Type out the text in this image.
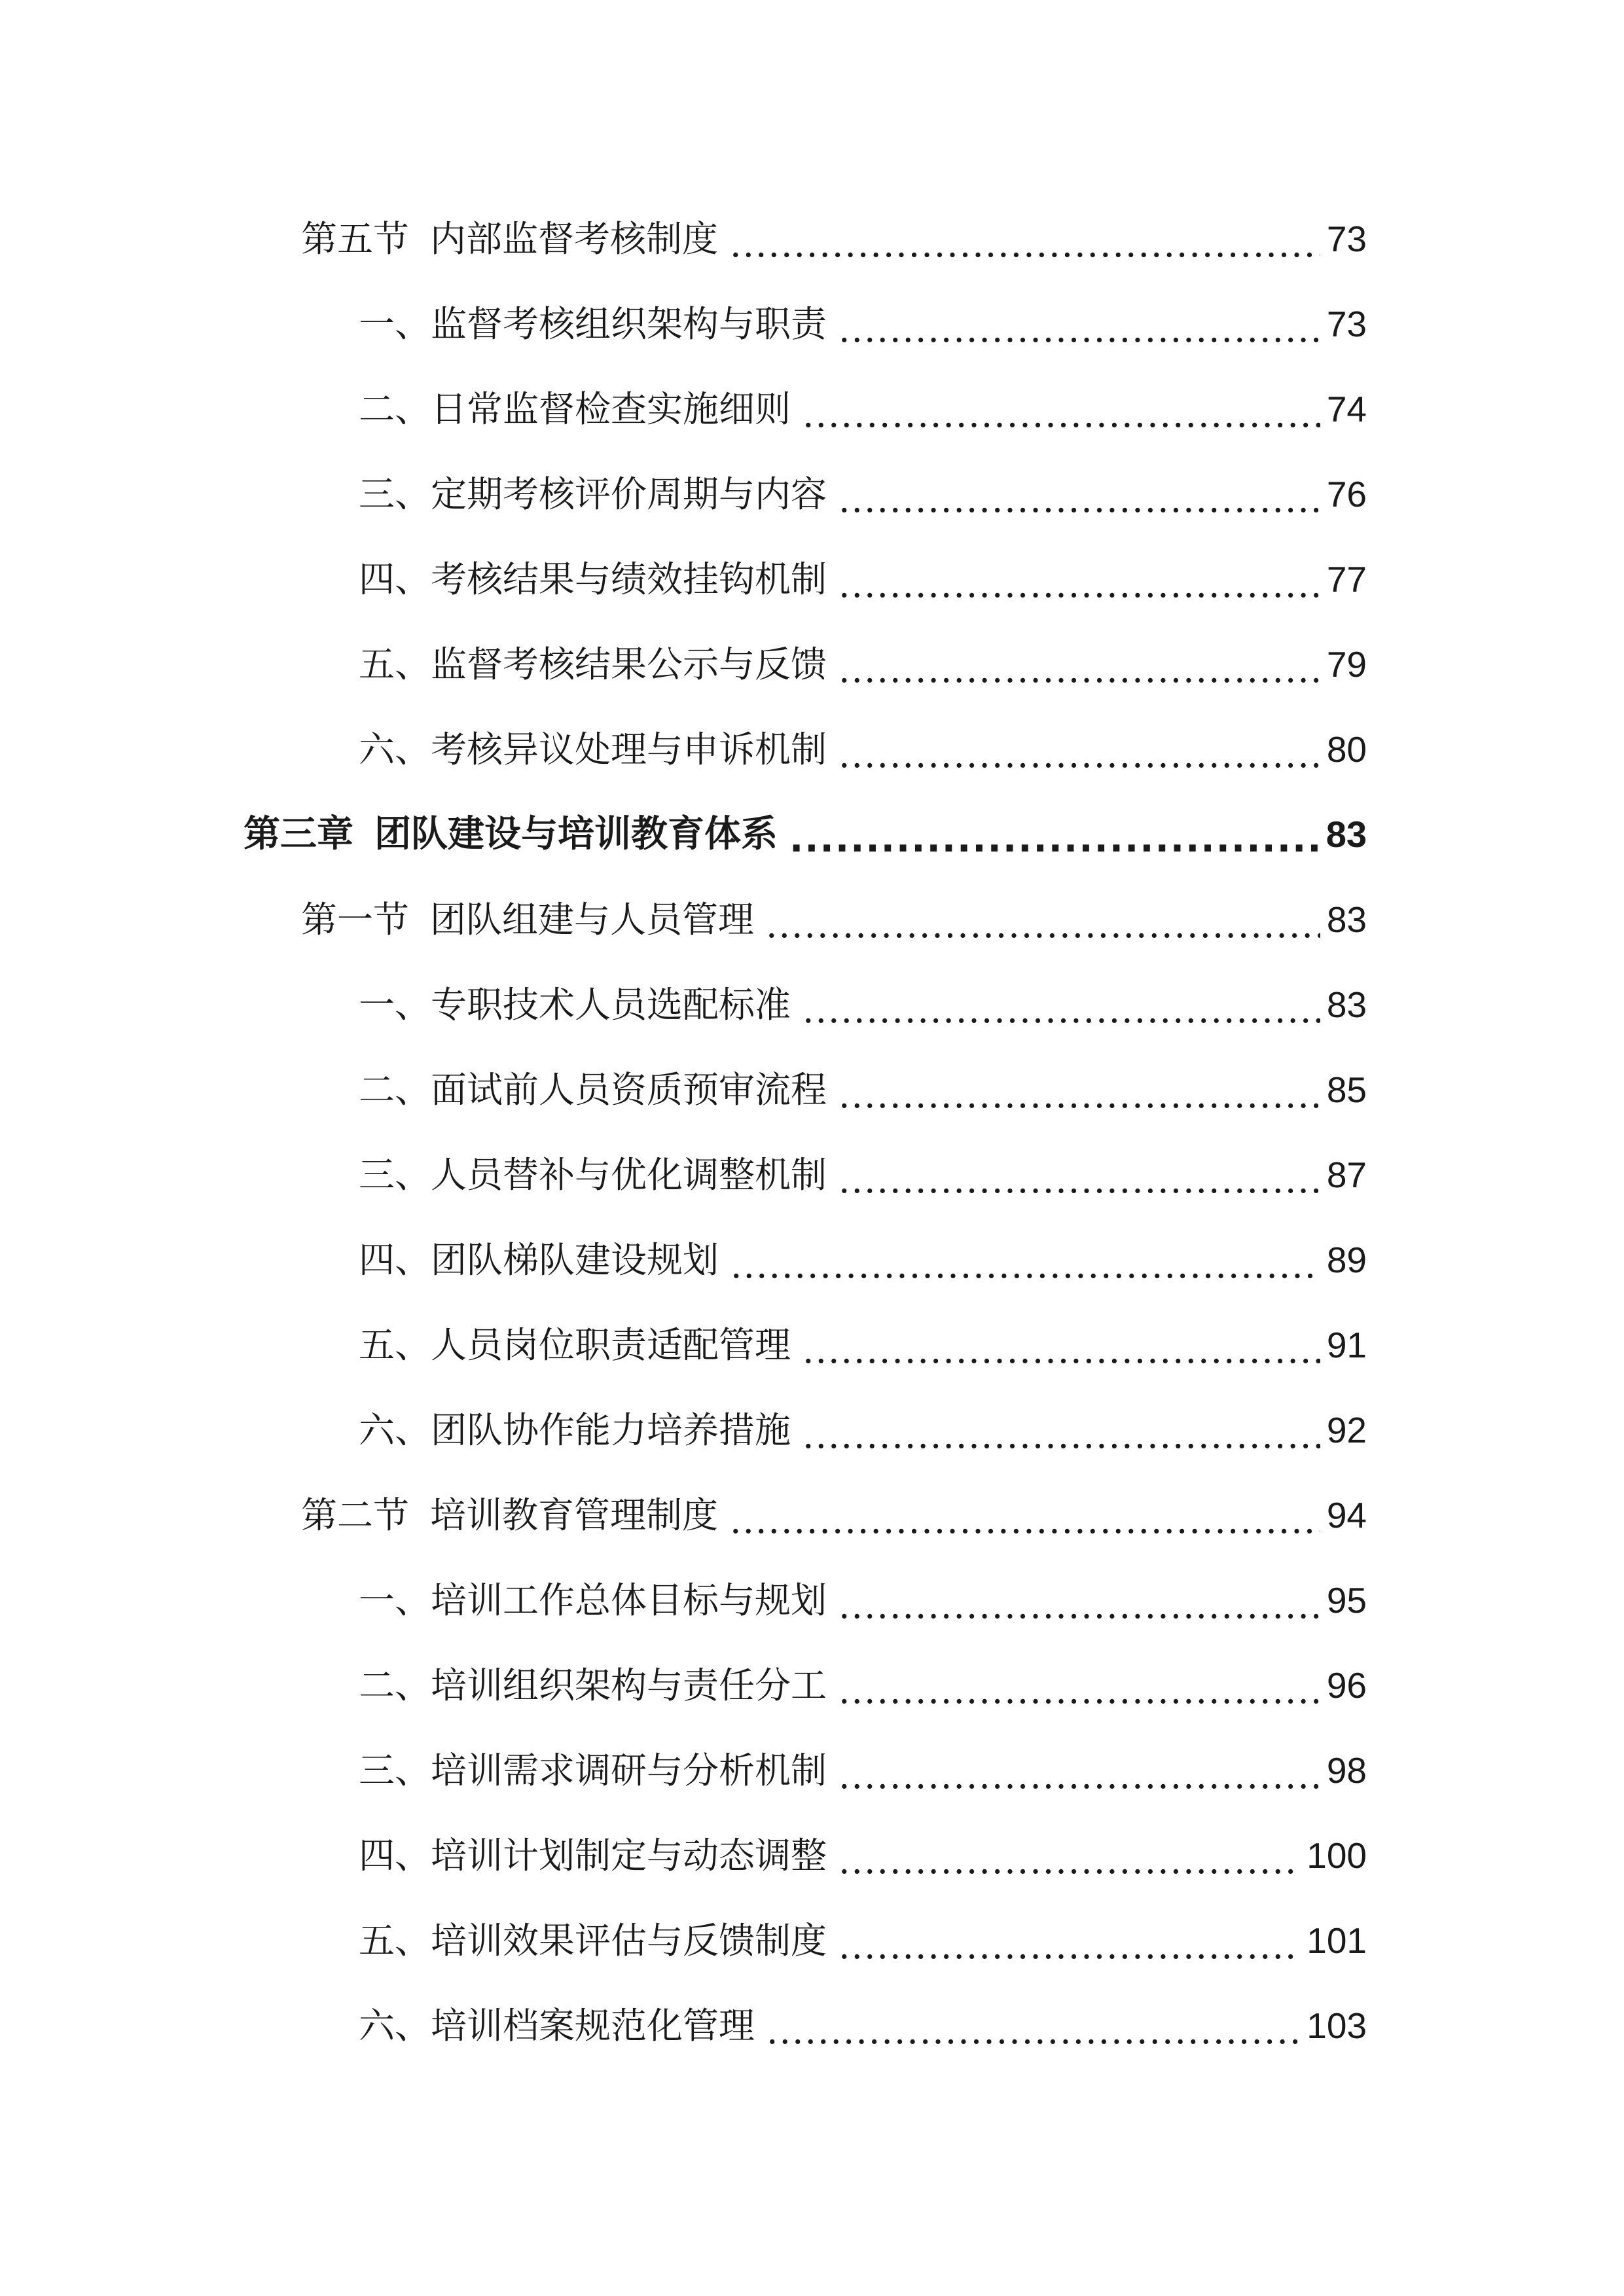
第五节 内部监督考核制度 .....	73
一、 监督考核组织架构与职责 .....	73
二、 日常监督检查实施细则 .....	74
三、 定期考核评价周期与内容 .....	76
四、 考核结果与绩效挂钩机制 .....	77
五、 监督考核结果公示与反馈 .....	79
六、 考核异议处理与申诉机制 .....	80
第三章 团队建设与培训教育体系 .....	83
第一节 团队组建与人员管理 .....	83
一、 专职技术人员选配标准 .....	83
二、 面试前人员资质预审流程 .....	85
三、 人员替补与优化调整机制 .....	87
四、 团队梯队建设规划 .....	89
五、 人员岗位职责适配管理 .....	91
六、 团队协作能力培养措施 .....	92
第二节 培训教育管理制度 .....	94
一、 培训工作总体目标与规划 .....	95
二、 培训组织架构与责任分工 .....	96
三、 培训需求调研与分析机制 .....	98
四、 培训计划制定与动态调整 .....	100
五、 培训效果评估与反馈制度 .....	101
六、 培训档案规范化管理 .....	103
